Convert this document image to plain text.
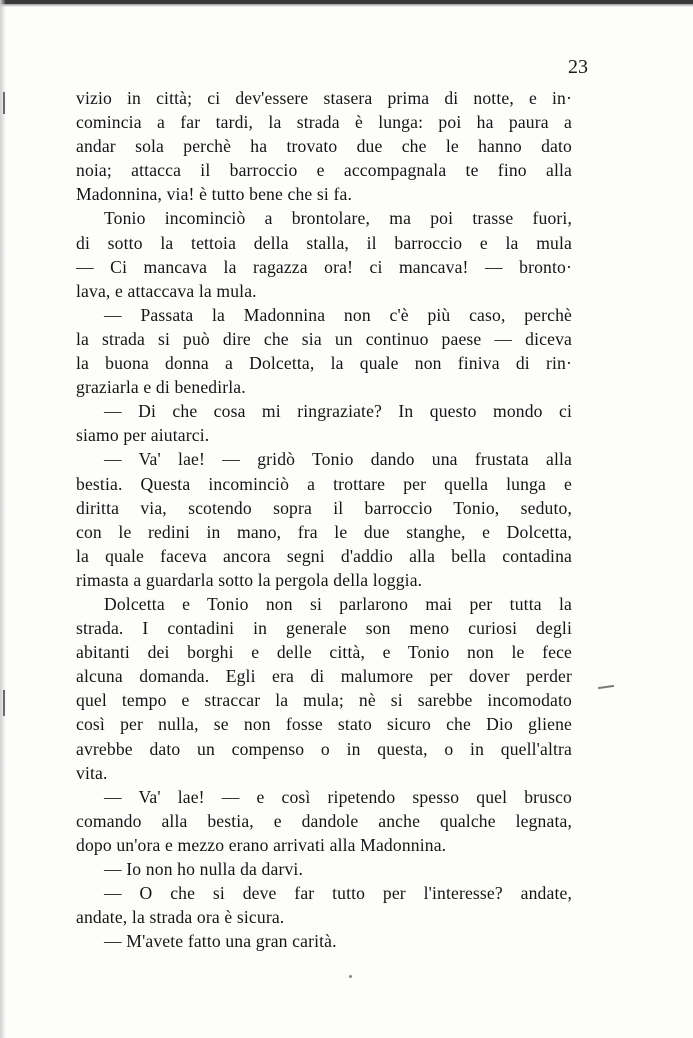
23

vizio in città; ci dev'essere stasera prima di notte, e in·
comincia a far tardi, la strada è lunga: poi ha paura a
andar sola perchè ha trovato due che le hanno dato
noia; attacca il barroccio e accompagnala te fino alla
Madonnina, via! è tutto bene che si fa.
Tonio incominciò a brontolare, ma poi trasse fuori,
di sotto la tettoia della stalla, il barroccio e la mula
— Ci mancava la ragazza ora! ci mancava! — bronto·
lava, e attaccava la mula.
— Passata la Madonnina non c'è più caso, perchè
la strada si può dire che sia un continuo paese — diceva
la buona donna a Dolcetta, la quale non finiva di rin·
graziarla e di benedirla.
— Di che cosa mi ringraziate? In questo mondo ci
siamo per aiutarci.
— Va' lae! — gridò Tonio dando una frustata alla
bestia. Questa incominciò a trottare per quella lunga e
diritta via, scotendo sopra il barroccio Tonio, seduto,
con le redini in mano, fra le due stanghe, e Dolcetta,
la quale faceva ancora segni d'addio alla bella contadina
rimasta a guardarla sotto la pergola della loggia.
Dolcetta e Tonio non si parlarono mai per tutta la
strada. I contadini in generale son meno curiosi degli
abitanti dei borghi e delle città, e Tonio non le fece
alcuna domanda. Egli era di malumore per dover perder
quel tempo e straccar la mula; nè si sarebbe incomodato
così per nulla, se non fosse stato sicuro che Dio gliene
avrebbe dato un compenso o in questa, o in quell'altra
vita.
— Va' lae! — e così ripetendo spesso quel brusco
comando alla bestia, e dandole anche qualche legnata,
dopo un'ora e mezzo erano arrivati alla Madonnina.
— Io non ho nulla da darvi.
— O che si deve far tutto per l'interesse? andate,
andate, la strada ora è sicura.
— M'avete fatto una gran carità.
